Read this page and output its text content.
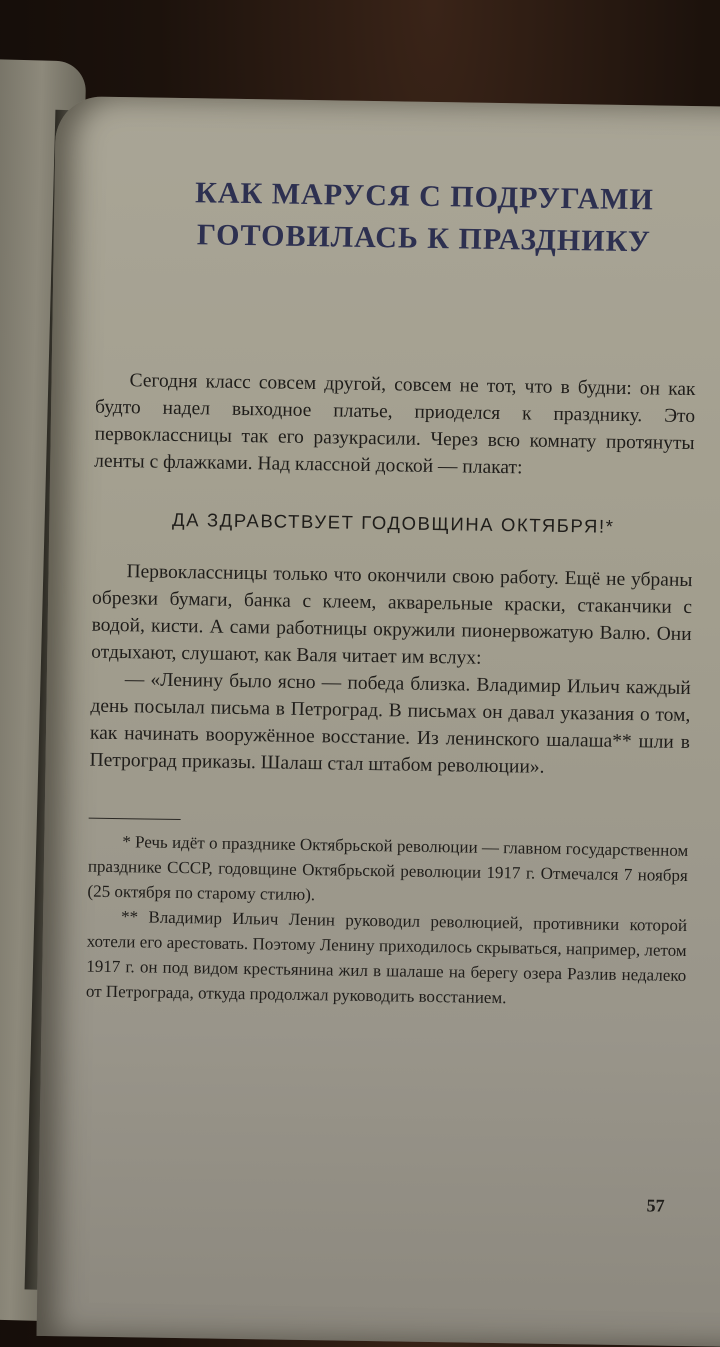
КАК МАРУСЯ С ПОДРУГАМИ
ГОТОВИЛАСЬ К ПРАЗДНИКУ

Сегодня класс совсем другой, совсем не тот, что в будни: он как будто надел выходное платье, приоделся к празднику. Это первоклассницы так его разукрасили. Через всю комнату протянуты ленты с флажками. Над классной доской — плакат:

ДА ЗДРАВСТВУЕТ ГОДОВЩИНА ОКТЯБРЯ!*

Первоклассницы только что окончили свою работу. Ещё не убраны обрезки бумаги, банка с клеем, акварельные краски, стаканчики с водой, кисти. А сами работницы окружили пионервожатую Валю. Они отдыхают, слушают, как Валя читает им вслух:

— «Ленину было ясно — победа близка. Владимир Ильич каждый день посылал письма в Петроград. В письмах он давал указания о том, как начинать вооружённое восстание. Из ленинского шалаша** шли в Петроград приказы. Шалаш стал штабом революции».

* Речь идёт о празднике Октябрьской революции — главном государственном празднике СССР, годовщине Октябрьской революции 1917 г. Отмечался 7 ноября (25 октября по старому стилю).

** Владимир Ильич Ленин руководил революцией, противники которой хотели его арестовать. Поэтому Ленину приходилось скрываться, например, летом 1917 г. он под видом крестьянина жил в шалаше на берегу озера Разлив недалеко от Петрограда, откуда продолжал руководить восстанием.

57
